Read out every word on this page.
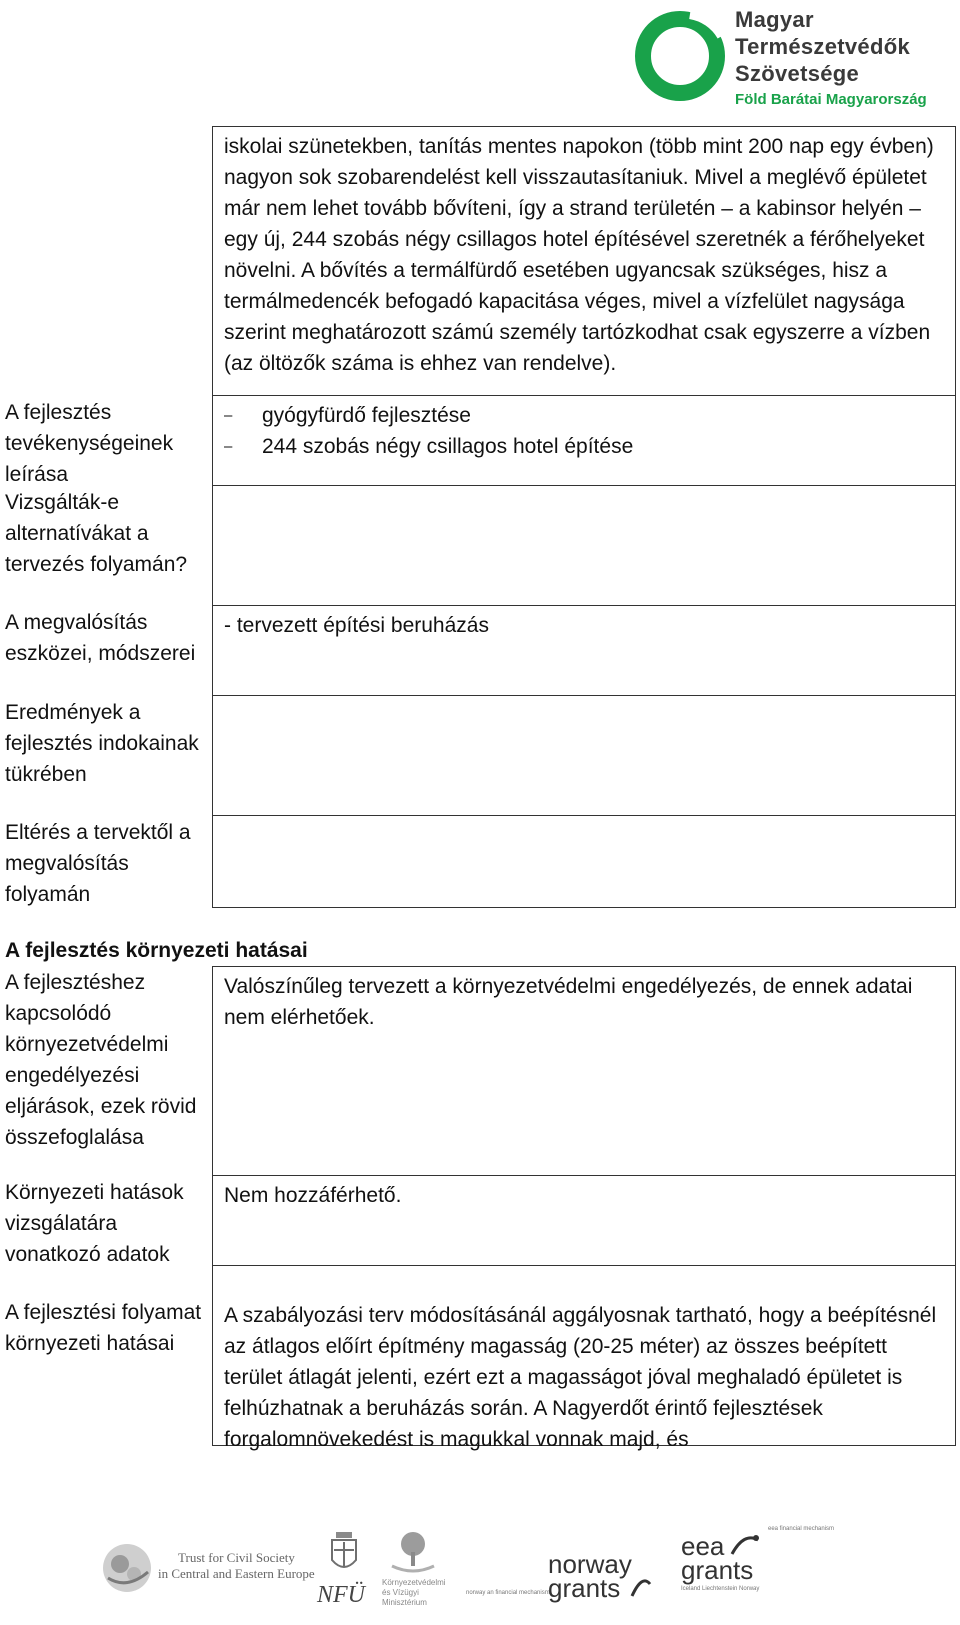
Magyar
Természetvédők
Szövetsége
Föld Barátai Magyarország
iskolai szünetekben, tanítás mentes napokon (több mint 200 nap egy évben) nagyon sok szobarendelést kell visszautasítaniuk. Mivel a meglévő épületet már nem lehet tovább bővíteni, így a strand területén – a kabinsor helyén – egy új, 244 szobás négy csillagos hotel építésével szeretnék a férőhelyeket növelni. A bővítés a termálfürdő esetében ugyancsak szükséges, hisz a termálmedencék befogadó kapacitása véges, mivel a vízfelület nagysága szerint meghatározott számú személy tartózkodhat csak egyszerre a vízben (az öltözők száma is ehhez van rendelve).
–	gyógyfürdő fejlesztése
–	244 szobás négy csillagos hotel építése
- tervezett építési beruházás
A fejlesztés tevékenységeinek leírása
Vizsgálták-e alternatívákat a tervezés folyamán?
A megvalósítás eszközei, módszerei
Eredmények a fejlesztés indokainak tükrében
Eltérés a tervektől a megvalósítás folyamán
A fejlesztés környezeti hatásai
Valószínűleg tervezett a környezetvédelmi engedélyezés, de ennek adatai nem elérhetőek.
Nem hozzáférhető.
A szabályozási terv módosításánál aggályosnak tartható, hogy a beépítésnél az átlagos előírt építmény magasság (20-25 méter) az összes beépített terület átlagát jelenti, ezért ezt a magasságot jóval meghaladó épületet is felhúzhatnak a beruházás során. A Nagyerdőt érintő fejlesztések forgalomnövekedést is magukkal vonnak majd, és
A fejlesztéshez kapcsolódó környezetvédelmi engedélyezési eljárások, ezek rövid összefoglalása
Környezeti hatások vizsgálatára vonatkozó adatok
A fejlesztési folyamat környezeti hatásai
Trust for Civil Society
in Central and Eastern Europe
NFÜ Környezetvédelmi
és Vízügyi
Minisztérium
norway an financial mechanism
norway
grants
eea financial mechanism
eea
grants
Iceland Liechtenstein Norway
